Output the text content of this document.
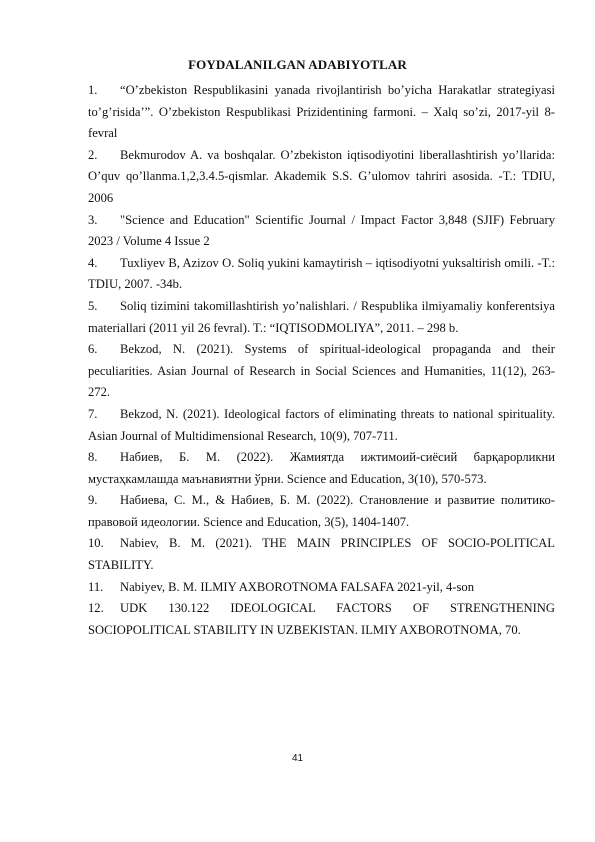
FOYDALANILGAN ADABIYOTLAR
1.	“O’zbekiston Respublikasini yanada rivojlantirish bo’yicha Harakatlar strategiyasi to’g’risida’”. O’zbekiston Respublikasi Prizidentining farmoni. – Xalq so’zi, 2017-yil 8-fevral
2.	Bekmurodov A. va boshqalar. O’zbekiston iqtisodiyotini liberallashtirish yo’llarida: O’quv qo’llanma.1,2,3.4.5-qismlar. Akademik S.S. G’ulomov tahriri asosida. -T.: TDIU, 2006
3.	"Science and Education" Scientific Journal / Impact Factor 3,848 (SJIF) February 2023 / Volume 4 Issue 2
4.	Tuxliyev B, Azizov O. Soliq yukini kamaytirish – iqtisodiyotni yuksaltirish omili. -T.: TDIU, 2007. -34b.
5.	Soliq tizimini takomillashtirish yo’nalishlari. / Respublika ilmiyamaliy konferentsiya materiallari (2011 yil 26 fevral). T.: “IQTISODMOLIYA”, 2011. – 298 b.
6.	Bekzod, N. (2021). Systems of spiritual-ideological propaganda and their peculiarities. Asian Journal of Research in Social Sciences and Humanities, 11(12), 263-272.
7.	Bekzod, N. (2021). Ideological factors of eliminating threats to national spirituality. Asian Journal of Multidimensional Research, 10(9), 707-711.
8.	Набиев, Б. М. (2022). Жамиятда ижтимоий-сиёсий барқарорликни мустаҳкамлашда маънавиятни ўрни. Science and Education, 3(10), 570-573.
9.	Набиева, С. М., & Набиев, Б. М. (2022). Становление и развитие политико-правовой идеологии. Science and Education, 3(5), 1404-1407.
10.	Nabiev, B. M. (2021). THE MAIN PRINCIPLES OF SOCIO-POLITICAL STABILITY.
11.	Nabiyev, B. M. ILMIY AXBOROTNOMA FALSAFA 2021-yil, 4-son
12.	UDK 130.122 IDEOLOGICAL FACTORS OF STRENGTHENING SOCIOPOLITICAL STABILITY IN UZBEKISTAN. ILMIY AXBOROTNOMA, 70.
41
